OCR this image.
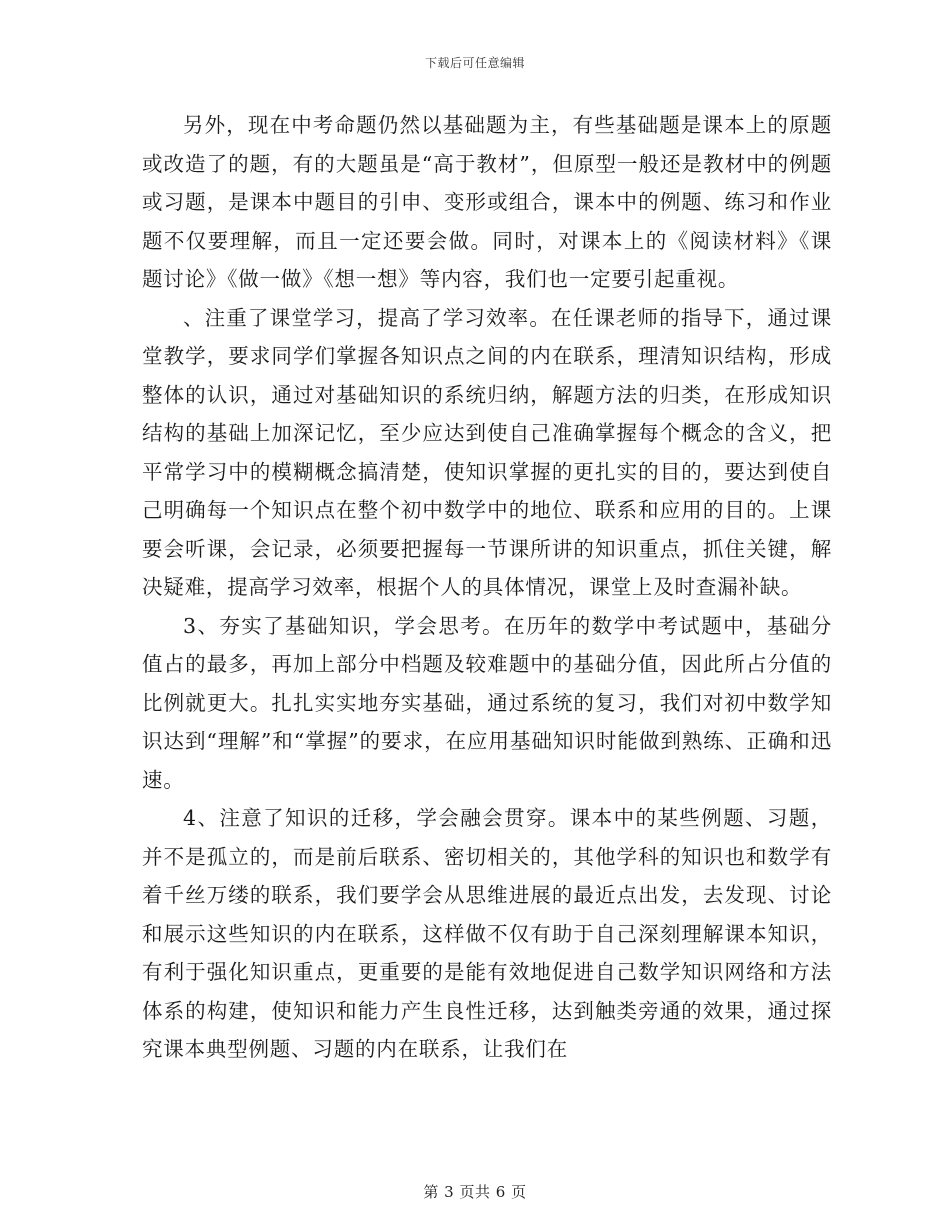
下载后可任意编辑

另外，现在中考命题仍然以基础题为主，有些基础题是课本上的原题或改造了的题，有的大题虽是“高于教材”，但原型一般还是教材中的例题或习题，是课本中题目的引申、变形或组合，课本中的例题、练习和作业题不仅要理解，而且一定还要会做。同时，对课本上的《阅读材料》《课题讨论》《做一做》《想一想》等内容，我们也一定要引起重视。

、注重了课堂学习，提高了学习效率。在任课老师的指导下，通过课堂教学，要求同学们掌握各知识点之间的内在联系，理清知识结构，形成整体的认识，通过对基础知识的系统归纳，解题方法的归类，在形成知识结构的基础上加深记忆，至少应达到使自己准确掌握每个概念的含义，把平常学习中的模糊概念搞清楚，使知识掌握的更扎实的目的，要达到使自己明确每一个知识点在整个初中数学中的地位、联系和应用的目的。上课要会听课，会记录，必须要把握每一节课所讲的知识重点，抓住关键，解决疑难，提高学习效率，根据个人的具体情况，课堂上及时查漏补缺。

3、夯实了基础知识，学会思考。在历年的数学中考试题中，基础分值占的最多，再加上部分中档题及较难题中的基础分值，因此所占分值的比例就更大。扎扎实实地夯实基础，通过系统的复习，我们对初中数学知识达到“理解”和“掌握”的要求，在应用基础知识时能做到熟练、正确和迅速。

4、注意了知识的迁移，学会融会贯穿。课本中的某些例题、习题，并不是孤立的，而是前后联系、密切相关的，其他学科的知识也和数学有着千丝万缕的联系，我们要学会从思维进展的最近点出发，去发现、讨论和展示这些知识的内在联系，这样做不仅有助于自己深刻理解课本知识，有利于强化知识重点，更重要的是能有效地促进自己数学知识网络和方法体系的构建，使知识和能力产生良性迁移，达到触类旁通的效果，通过探究课本典型例题、习题的内在联系，让我们在

第 3 页共 6 页
